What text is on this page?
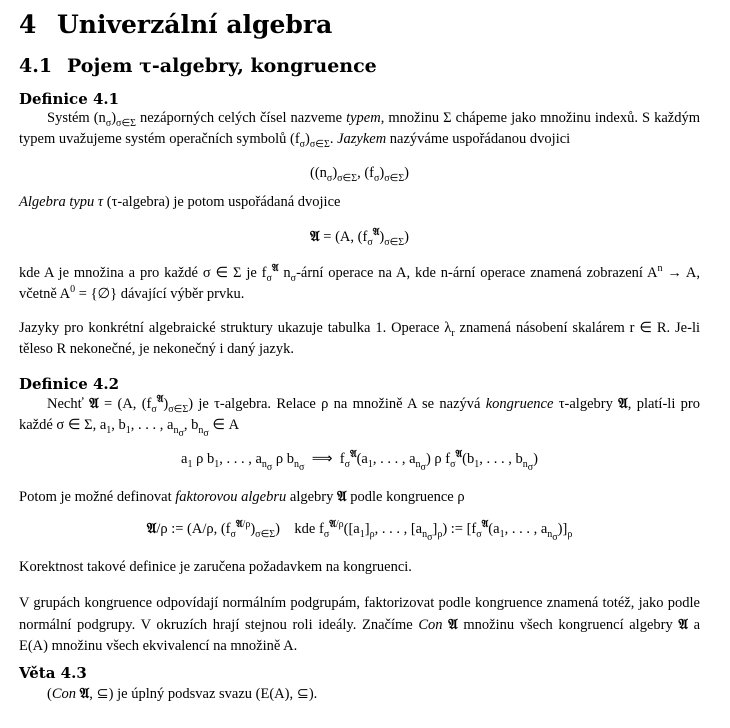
4 Univerzální algebra
4.1 Pojem τ-algebry, kongruence
Definice 4.1
Systém $(n_\sigma)_{\sigma\in\Sigma}$ nezáporných celých čísel nazveme typem, množinu Σ chápeme jako množinu indexů. S každým typem uvažujeme systém operačních symbolů $(f_\sigma)_{\sigma\in\Sigma}$. Jazykem nazýváme uspořádanou dvojici
($(n_\sigma)_{\sigma\in\Sigma}$, $(f_\sigma)_{\sigma\in\Sigma}$)
Algebra typu τ (τ-algebra) je potom uspořádaná dvojice
𝔄 = (A, $(f_\sigma^𝔄)_{\sigma\in\Sigma}$)
kde A je množina a pro každé σ ∈ Σ je $f_\sigma^𝔄$ $n_\sigma$-ární operace na A, kde n-ární operace znamená zobrazení $A^n \to A$, včetně $A^0$ = {∅} dávající výběr prvku.
Jazyky pro konkrétní algebraické struktury ukazuje tabulka 1. Operace $\lambda_r$ znamená násobení skalárem r ∈ R. Je-li těleso R nekonečné, je nekonečný i daný jazyk.
Definice 4.2
Nechť 𝔄 = (A, $(f_\sigma^𝔄)_{\sigma\in\Sigma}$) je τ-algebra. Relace ρ na množině A se nazývá kongruence τ-algebry 𝔄, platí-li pro každé σ ∈ Σ, $a_1$, $b_1$, . . . , $a_{n_\sigma}$, $b_{n_\sigma}$ ∈ A
$a_1$ ρ $b_1$, . . . , $a_{n_\sigma}$ ρ $b_{n_\sigma}$  ⟹  $f_\sigma^𝔄(a_1$, . . . , $a_{n_\sigma}$) ρ $f_\sigma^𝔄(b_1$, . . . , $b_{n_\sigma}$)
Potom je možné definovat faktorovou algebru algebry 𝔄 podle kongruence ρ
𝔄/ρ := (A/ρ, $(f_\sigma^{𝔄/\rho})_{\sigma\in\Sigma}$)    kde $f_\sigma^{𝔄/\rho}([a_1]_\rho$, . . . , $[a_{n_\sigma}]_\rho$) := [$f_\sigma^𝔄(a_1$, . . . , $a_{n_\sigma})]_\rho$
Korektnost takové definice je zaručena požadavkem na kongruenci.
V grupách kongruence odpovídají normálním podgrupám, faktorizovat podle kongruence znamená totéž, jako podle normální podgrupy. V okruzích hrají stejnou roli ideály. Značíme Con 𝔄 množinu všech kongruencí algebry 𝔄 a E(A) množinu všech ekvivalencí na množině A.
Věta 4.3
(Con 𝔄, ⊆) je úplný podsvaz svazu (E(A), ⊆).
